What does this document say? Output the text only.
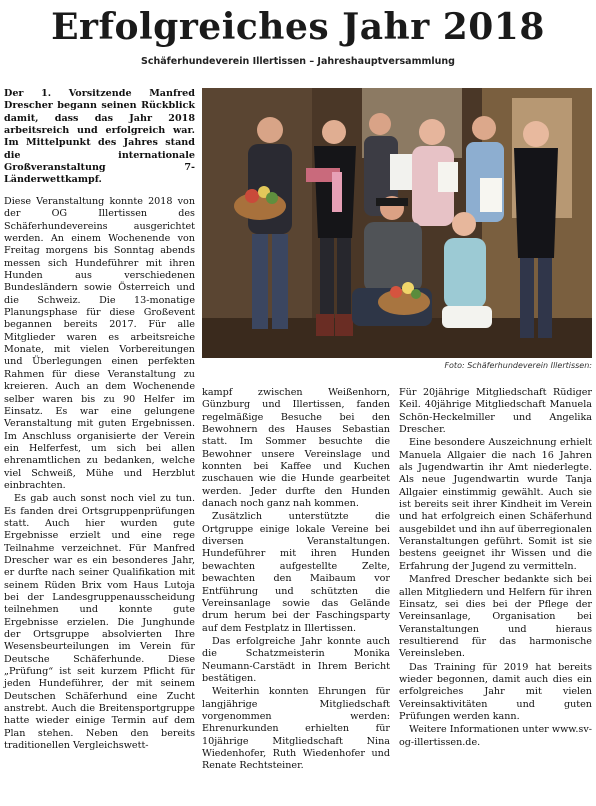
Erfolgreiches Jahr 2018
Schäferhundeverein Illertissen – Jahreshauptversammlung
Der 1. Vorsitzende Manfred Drescher begann seinen Rückblick damit, dass das Jahr 2018 arbeitsreich und erfolgreich war. Im Mittelpunkt des Jahres stand die internationale Großveranstaltung 7-Länderwettkampf.

Diese Veranstaltung konnte 2018 von der OG Illertissen des Schäferhundevereins ausgerichtet werden. An einem Wochenende von Freitag morgens bis Sonntag abends messen sich Hundeführer mit ihren Hunden aus verschiedenen Bundesländern sowie Österreich und die Schweiz. Die 13-monatige Planungsphase für diese Großevent begannen bereits 2017. Für alle Mitglieder waren es arbeitsreiche Monate, mit vielen Vorbereitungen und Überlegungen einen perfekten Rahmen für diese Veranstaltung zu kreieren. Auch an dem Wochenende selber waren bis zu 90 Helfer im Einsatz. Es war eine gelungene Veranstaltung mit guten Ergebnissen. Im Anschluss organisierte der Verein ein Helferfest, um sich bei allen ehrenamtlichen zu bedanken, welche viel Schweiß, Mühe und Herzblut einbrachten.

Es gab auch sonst noch viel zu tun. Es fanden drei Ortsgruppenprüfungen statt. Auch hier wurden gute Ergebnisse erzielt und eine rege Teilnahme verzeichnet. Für Manfred Drescher war es ein besonderes Jahr, er durfte nach seiner Qualifikation mit seinem Rüden Brix vom Haus Lutoja bei der Landesgruppenausscheidung teilnehmen und konnte gute Ergebnisse erzielen. Die Junghunde der Ortsgruppe absolvierten Ihre Wesensbeurteilungen im Verein für Deutsche Schäferhunde. Diese „Prüfung“ ist seit kurzem Pflicht für jeden Hundeführer, der mit seinem Deutschen Schäferhund eine Zucht anstrebt. Auch die Breitensportgruppe hatte wieder einige Termin auf dem Plan stehen. Neben den bereits traditionellen Vergleichswett-

Foto: Schäferhundeverein Illertissen:

kampf zwischen Weißenhorn, Günzburg und Illertissen, fanden regelmäßige Besuche bei den Bewohnern des Hauses Sebastian statt. Im Sommer besuchte die Bewohner unsere Vereinslage und konnten bei Kaffee und Kuchen zuschauen wie die Hunde gearbeitet werden. Jeder durfte den Hunden danach noch ganz nah kommen.

Zusätzlich unterstützte die Ortgruppe einige lokale Vereine bei diversen Veranstaltungen. Hundeführer mit ihren Hunden bewachten aufgestellte Zelte, bewachten den Maibaum vor Entführung und schützten die Vereinsanlage sowie das Gelände drum herum bei der Faschingsparty auf dem Festplatz in Illertissen.

Das erfolgreiche Jahr konnte auch die Schatzmeisterin Monika Neumann-Carstädt in Ihrem Bericht bestätigen.

Weiterhin konnten Ehrungen für langjährige Mitgliedschaft vorgenommen werden: Ehrenurkunden erhielten für 10jährige Mitgliedschaft Nina Wiedenhofer, Ruth Wiedenhofer und Renate Rechtsteiner.

Für 20jährige Mitgliedschaft Rüdiger Keil. 40jährige Mitgliedschaft Manuela Schön-Heckelmiller und Angelika Drescher.

Eine besondere Auszeichnung erhielt Manuela Allgaier die nach 16 Jahren als Jugendwartin ihr Amt niederlegte. Als neue Jugendwartin wurde Tanja Allgaier einstimmig gewählt. Auch sie ist bereits seit ihrer Kindheit im Verein und hat erfolgreich einen Schäferhund ausgebildet und ihn auf überregionalen Veranstaltungen geführt. Somit ist sie bestens geeignet ihr Wissen und die Erfahrung der Jugend zu vermitteln.

Manfred Drescher bedankte sich bei allen Mitgliedern und Helfern für ihren Einsatz, sei dies bei der Pflege der Vereinsanlage, Organisation bei Veranstaltungen und hieraus resultierend für das harmonische Vereinsleben.

Das Training für 2019 hat bereits wieder begonnen, damit auch dies ein erfolgreiches Jahr mit vielen Vereinsaktivitäten und guten Prüfungen werden kann.

Weitere Informationen unter www.sv-og-illertissen.de.
